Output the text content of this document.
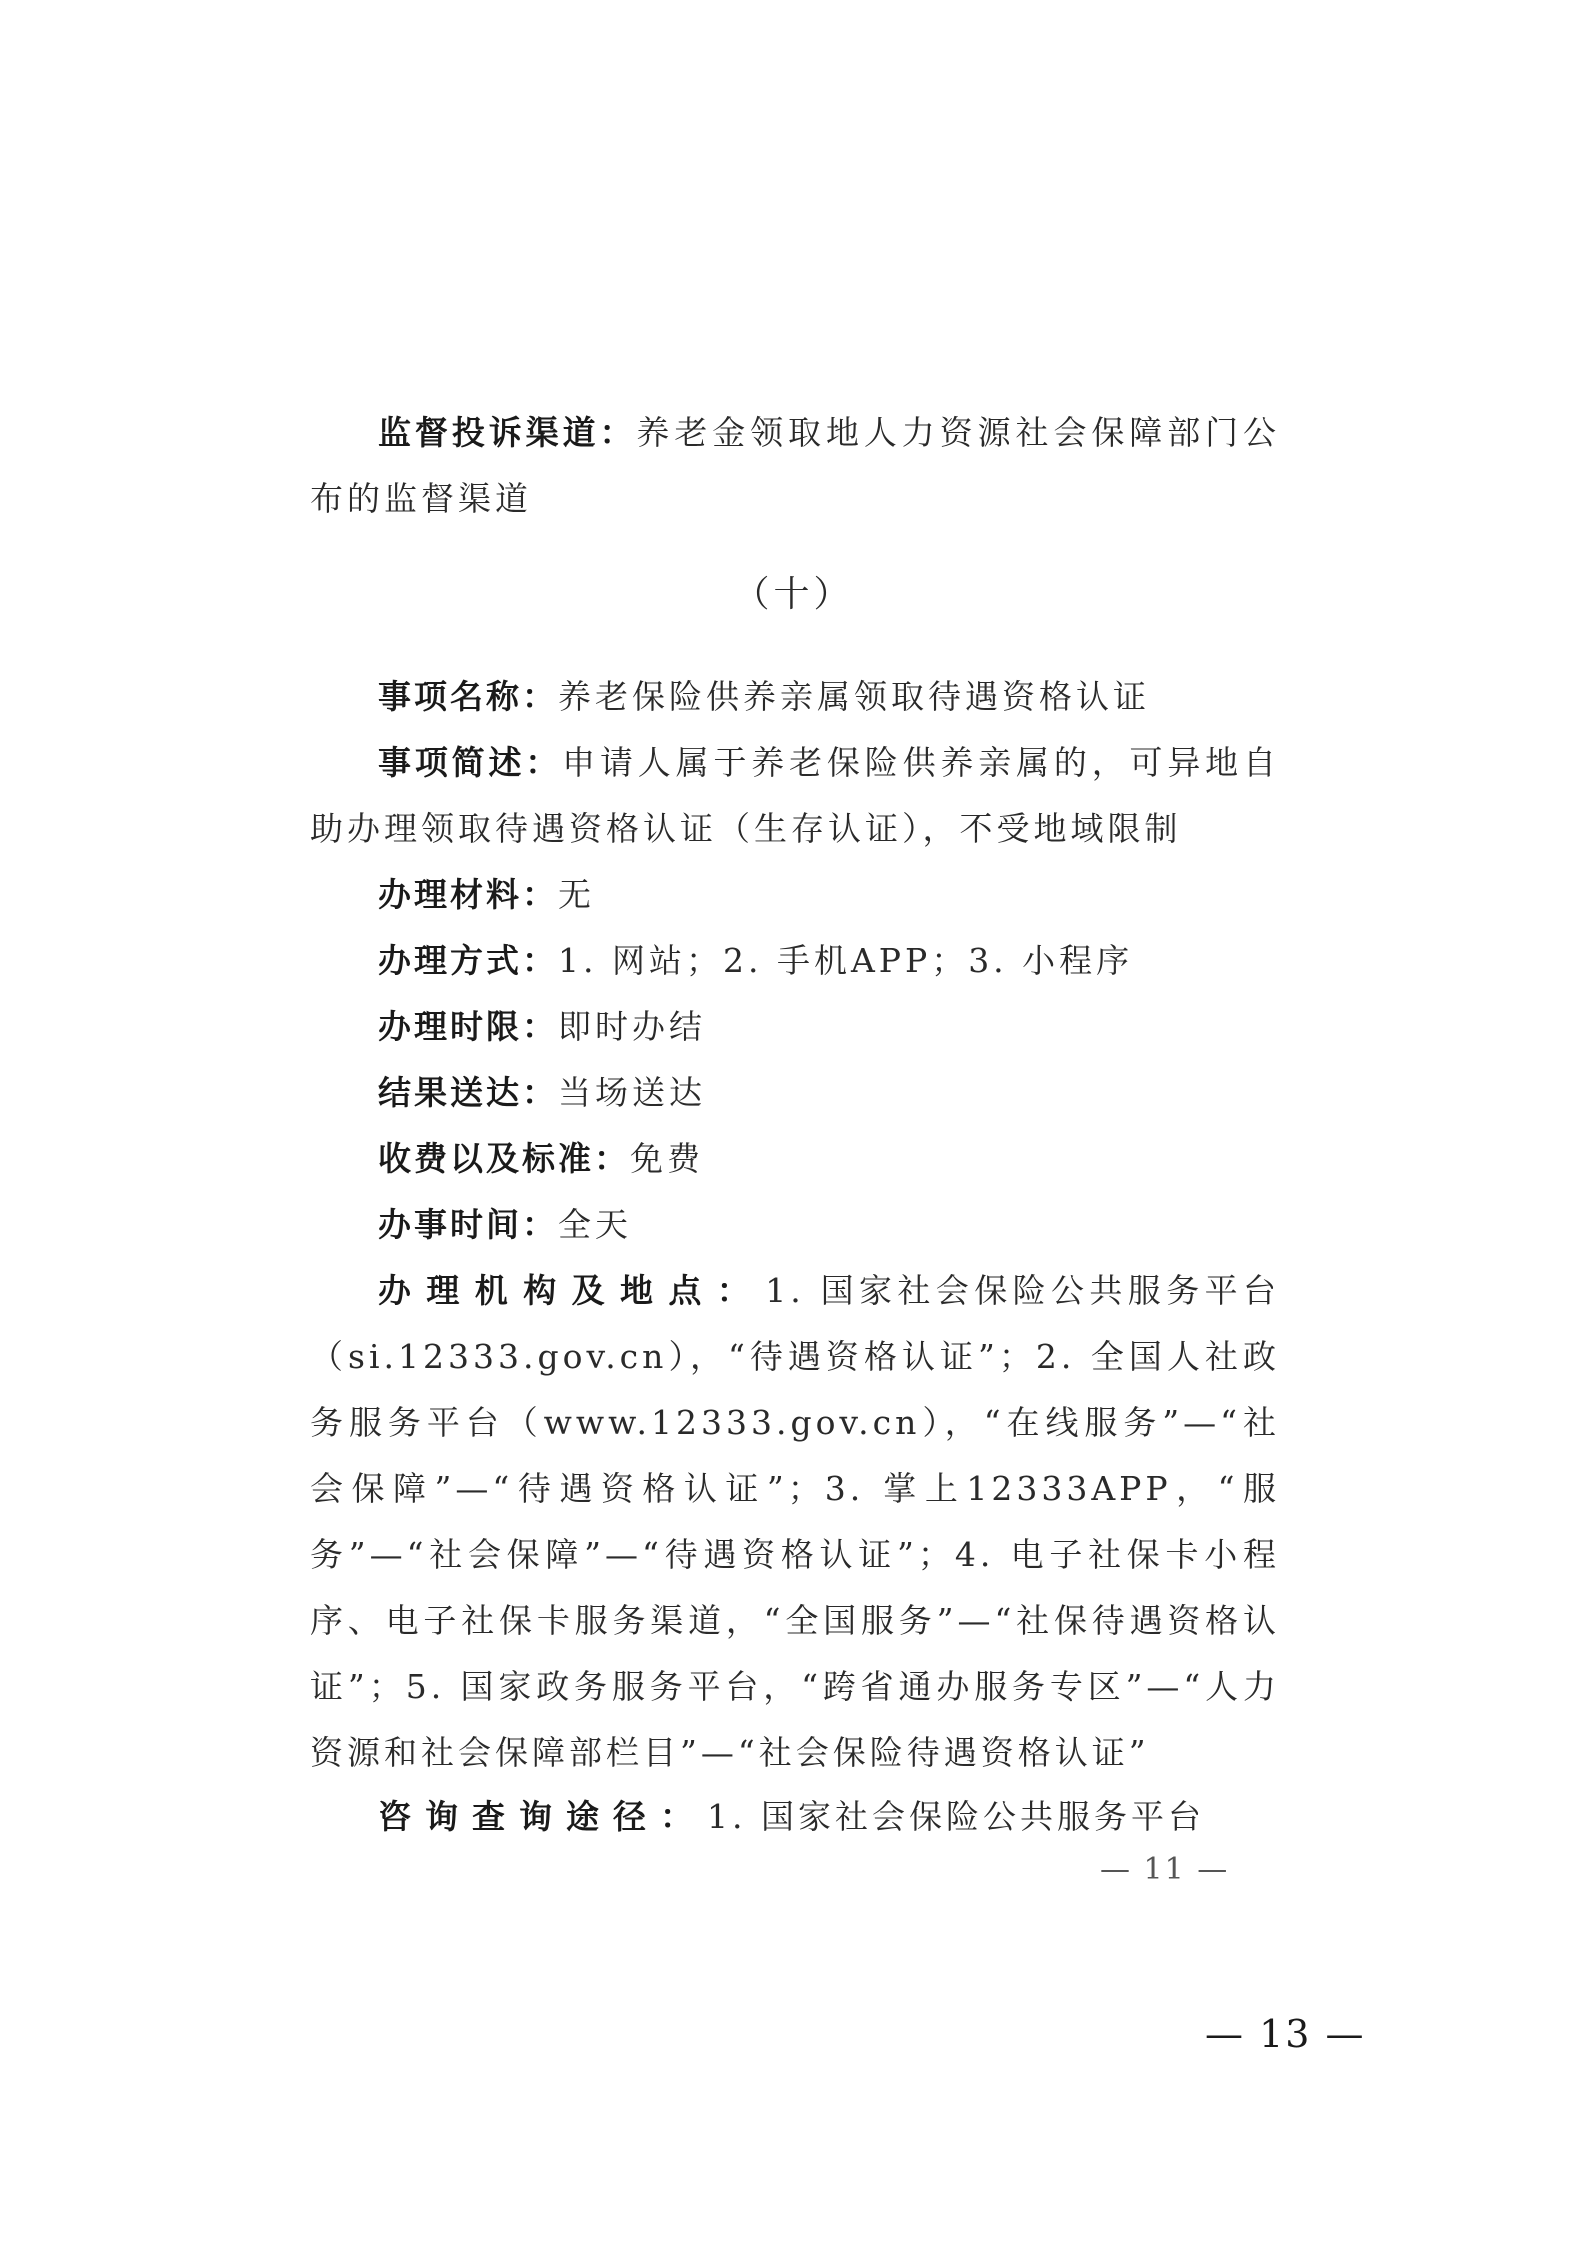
监督投诉渠道：养老金领取地人力资源社会保障部门公布的监督渠道

（十）

事项名称：养老保险供养亲属领取待遇资格认证

事项简述：申请人属于养老保险供养亲属的，可异地自助办理领取待遇资格认证（生存认证），不受地域限制

办理材料：无

办理方式：1. 网站；2. 手机APP；3. 小程序

办理时限：即时办结

结果送达：当场送达

收费以及标准：免费

办事时间：全天

办理机构及地点：1. 国家社会保险公共服务平台（si.12333.gov.cn），“待遇资格认证”；2. 全国人社政务服务平台（www.12333.gov.cn），“在线服务”—“社会保障”—“待遇资格认证”；3. 掌上12333APP，“服务”—“社会保障”—“待遇资格认证”；4. 电子社保卡小程序、电子社保卡服务渠道，“全国服务”—“社保待遇资格认证”；5. 国家政务服务平台，“跨省通办服务专区”—“人力资源和社会保障部栏目”—“社会保险待遇资格认证”

咨询查询途径：1. 国家社会保险公共服务平台

— 11 —
— 13 —
